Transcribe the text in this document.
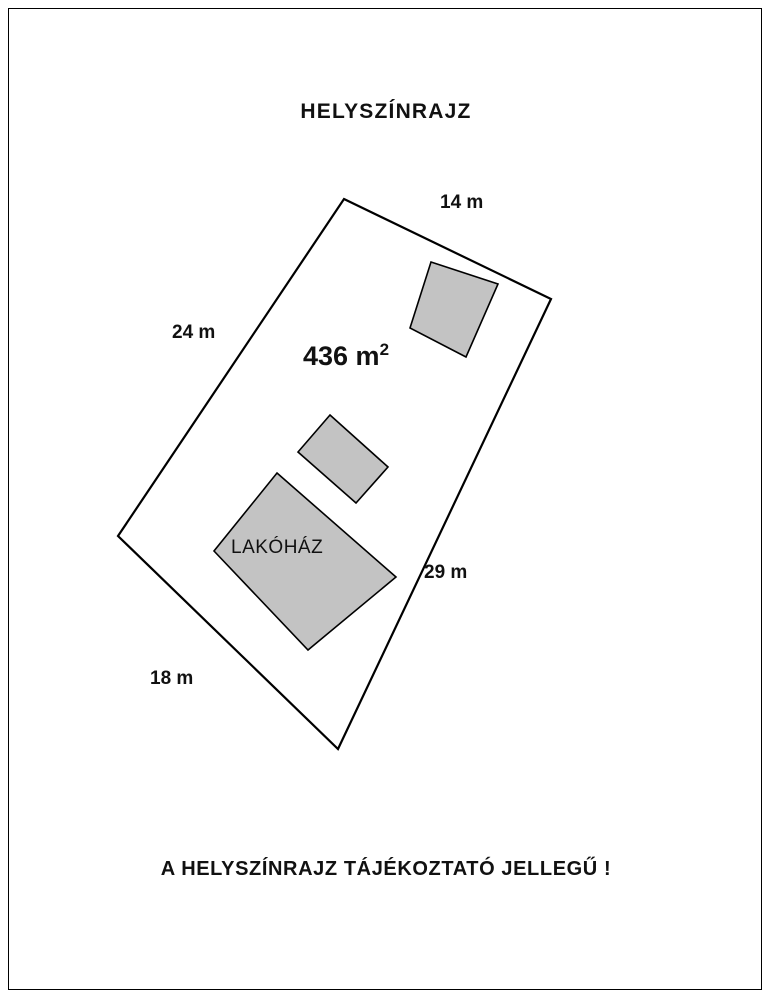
HELYSZÍNRAJZ
14 m
24 m
29 m
18 m
436 $m^2$
LAKÓHÁZ
A HELYSZÍNRAJZ TÁJÉKOZTATÓ JELLEGŰ !
